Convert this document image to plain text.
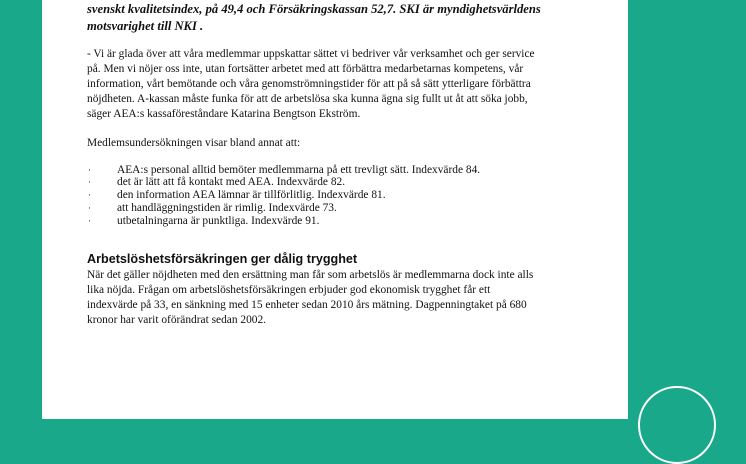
svenskt kvalitetsindex, på 49,4 och Försäkringskassan 52,7. SKI är myndighetsvärldens
motsvarighet till NKI .

- Vi är glada över att våra medlemmar uppskattar sättet vi bedriver vår verksamhet och ger service
på. Men vi nöjer oss inte, utan fortsätter arbetet med att förbättra medarbetarnas kompetens, vår
information, vårt bemötande och våra genomströmningstider för att på så sätt ytterligare förbättra
nöjdheten. A-kassan måste funka för att de arbetslösa ska kunna ägna sig fullt ut åt att söka jobb,
säger AEA:s kassaföreståndare Katarina Bengtson Ekström.

Medlemsundersökningen visar bland annat att:

· AEA:s personal alltid bemöter medlemmarna på ett trevligt sätt. Indexvärde 84.
· det är lätt att få kontakt med AEA. Indexvärde 82.
· den information AEA lämnar är tillförlitlig. Indexvärde 81.
· att handläggningstiden är rimlig. Indexvärde 73.
· utbetalningarna är punktliga. Indexvärde 91.
Arbetslöshetsförsäkringen ger dålig trygghet

När det gäller nöjdheten med den ersättning man får som arbetslös är medlemmarna dock inte alls
lika nöjda. Frågan om arbetslöshetsförsäkringen erbjuder god ekonomisk trygghet får ett
indexvärde på 33, en sänkning med 15 enheter sedan 2010 års mätning. Dagpenningtaket på 680
kronor har varit oförändrat sedan 2002.
